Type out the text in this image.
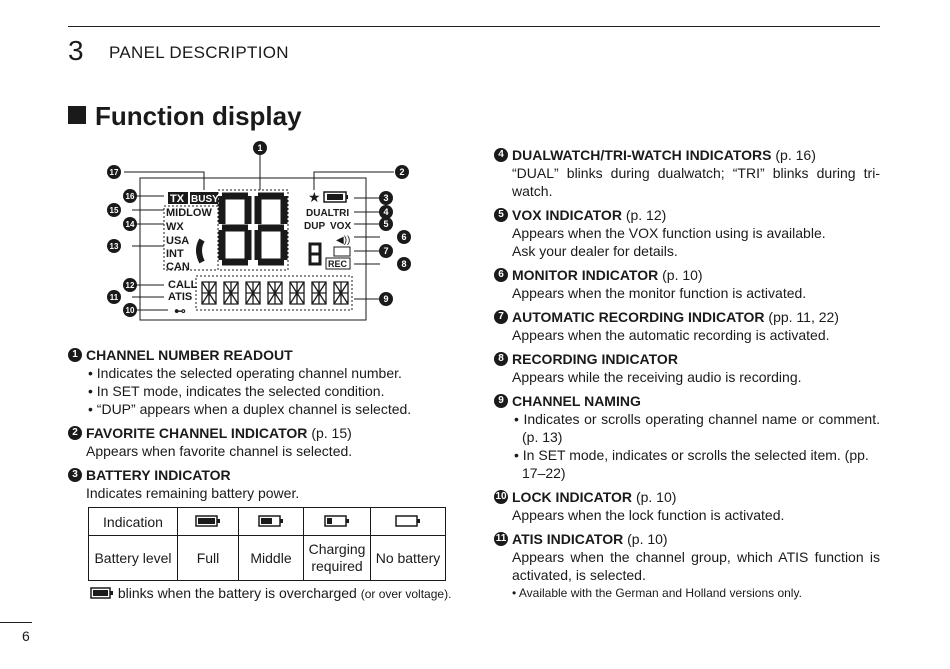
3 PANEL DESCRIPTION
Function display
TX BUSY
MIDLOW
WX
USA
INT
CAN
CALL
ATIS
DUALTRI
DUP VOX
REC
★
◀))
⊷
1
2
3
4
5
6
7
8
9
10
11
12
13
14
15
16
17
1 CHANNEL NUMBER READOUT
• Indicates the selected operating channel number.
• In SET mode, indicates the selected condition.
• “DUP” appears when a duplex channel is selected.
2 FAVORITE CHANNEL INDICATOR (p. 15)
Appears when favorite channel is selected.
3 BATTERY INDICATOR
Indicates remaining battery power.
Indication				
Battery level	Full	Middle	Charging required	No battery
blinks when the battery is overcharged (or over voltage).
4 DUALWATCH/TRI-WATCH INDICATORS (p. 16)
“DUAL” blinks during dualwatch; “TRI” blinks during tri-watch.
5 VOX INDICATOR (p. 12)
Appears when the VOX function using is available.
Ask your dealer for details.
6 MONITOR INDICATOR (p. 10)
Appears when the monitor function is activated.
7 AUTOMATIC RECORDING INDICATOR (pp. 11, 22)
Appears when the automatic recording is activated.
8 RECORDING INDICATOR
Appears while the receiving audio is recording.
9 CHANNEL NAMING
• Indicates or scrolls operating channel name or comment. (p. 13)
• In SET mode, indicates or scrolls the selected item. (pp. 17–22)
10 LOCK INDICATOR (p. 10)
Appears when the lock function is activated.
11 ATIS INDICATOR (p. 10)
Appears when the channel group, which ATIS function is activated, is selected.
• Available with the German and Holland versions only.
6
